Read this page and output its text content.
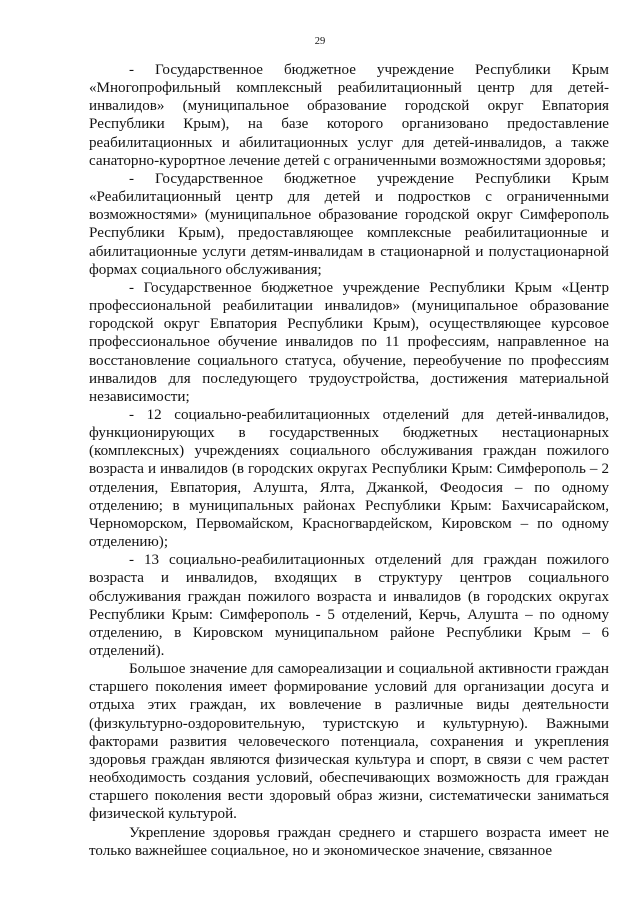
29

- Государственное бюджетное учреждение Республики Крым «Многопрофильный комплексный реабилитационный центр для детей-инвалидов» (муниципальное образование городской округ Евпатория Республики Крым), на базе которого организовано предоставление реабилитационных и абилитационных услуг для детей-инвалидов, а также санаторно-курортное лечение детей с ограниченными возможностями здоровья;

- Государственное бюджетное учреждение Республики Крым «Реабилитационный центр для детей и подростков с ограниченными возможностями» (муниципальное образование городской округ Симферополь Республики Крым), предоставляющее комплексные реабилитационные и абилитационные услуги детям-инвалидам в стационарной и полустационарной формах социального обслуживания;

- Государственное бюджетное учреждение Республики Крым «Центр профессиональной реабилитации инвалидов» (муниципальное образование городской округ Евпатория Республики Крым), осуществляющее курсовое профессиональное обучение инвалидов по 11 профессиям, направленное на восстановление социального статуса, обучение, переобучение по профессиям инвалидов для последующего трудоустройства, достижения материальной независимости;

- 12 социально-реабилитационных отделений для детей-инвалидов, функционирующих в государственных бюджетных нестационарных (комплексных) учреждениях социального обслуживания граждан пожилого возраста и инвалидов (в городских округах Республики Крым: Симферополь – 2 отделения, Евпатория, Алушта, Ялта, Джанкой, Феодосия – по одному отделению; в муниципальных районах Республики Крым: Бахчисарайском, Черноморском, Первомайском, Красногвардейском, Кировском – по одному отделению);

- 13 социально-реабилитационных отделений для граждан пожилого возраста и инвалидов, входящих в структуру центров социального обслуживания граждан пожилого возраста и инвалидов (в городских округах Республики Крым: Симферополь - 5 отделений, Керчь, Алушта – по одному отделению, в Кировском муниципальном районе Республики Крым – 6 отделений).

Большое значение для самореализации и социальной активности граждан старшего поколения имеет формирование условий для организации досуга и отдыха этих граждан, их вовлечение в различные виды деятельности (физкультурно-оздоровительную, туристскую и культурную). Важными факторами развития человеческого потенциала, сохранения и укрепления здоровья граждан являются физическая культура и спорт, в связи с чем растет необходимость создания условий, обеспечивающих возможность для граждан старшего поколения вести здоровый образ жизни, систематически заниматься физической культурой.

Укрепление здоровья граждан среднего и старшего возраста имеет не только важнейшее социальное, но и экономическое значение, связанное
